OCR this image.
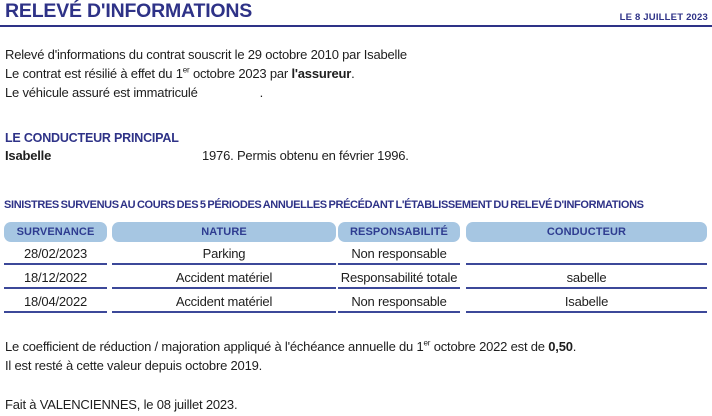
RELEVÉ D'INFORMATIONS	LE 8 JUILLET 2023
Relevé d'informations du contrat souscrit le 29 octobre 2010 par Isabelle
Le contrat est résilié à effet du 1er octobre 2023 par l'assureur.
Le véhicule assuré est immatriculé	.
LE CONDUCTEUR PRINCIPAL
Isabelle	1976. Permis obtenu en février 1996.
SINISTRES SURVENUS AU COURS DES 5 PÉRIODES ANNUELLES PRÉCÉDANT L'ÉTABLISSEMENT DU RELEVÉ D'INFORMATIONS
SURVENANCE	NATURE	RESPONSABILITÉ	CONDUCTEUR
28/02/2023	Parking	Non responsable
18/12/2022	Accident matériel	Responsabilité totale	sabelle
18/04/2022	Accident matériel	Non responsable	Isabelle
Le coefficient de réduction / majoration appliqué à l'échéance annuelle du 1er octobre 2022 est de 0,50.
Il est resté à cette valeur depuis octobre 2019.
Fait à VALENCIENNES, le 08 juillet 2023.
